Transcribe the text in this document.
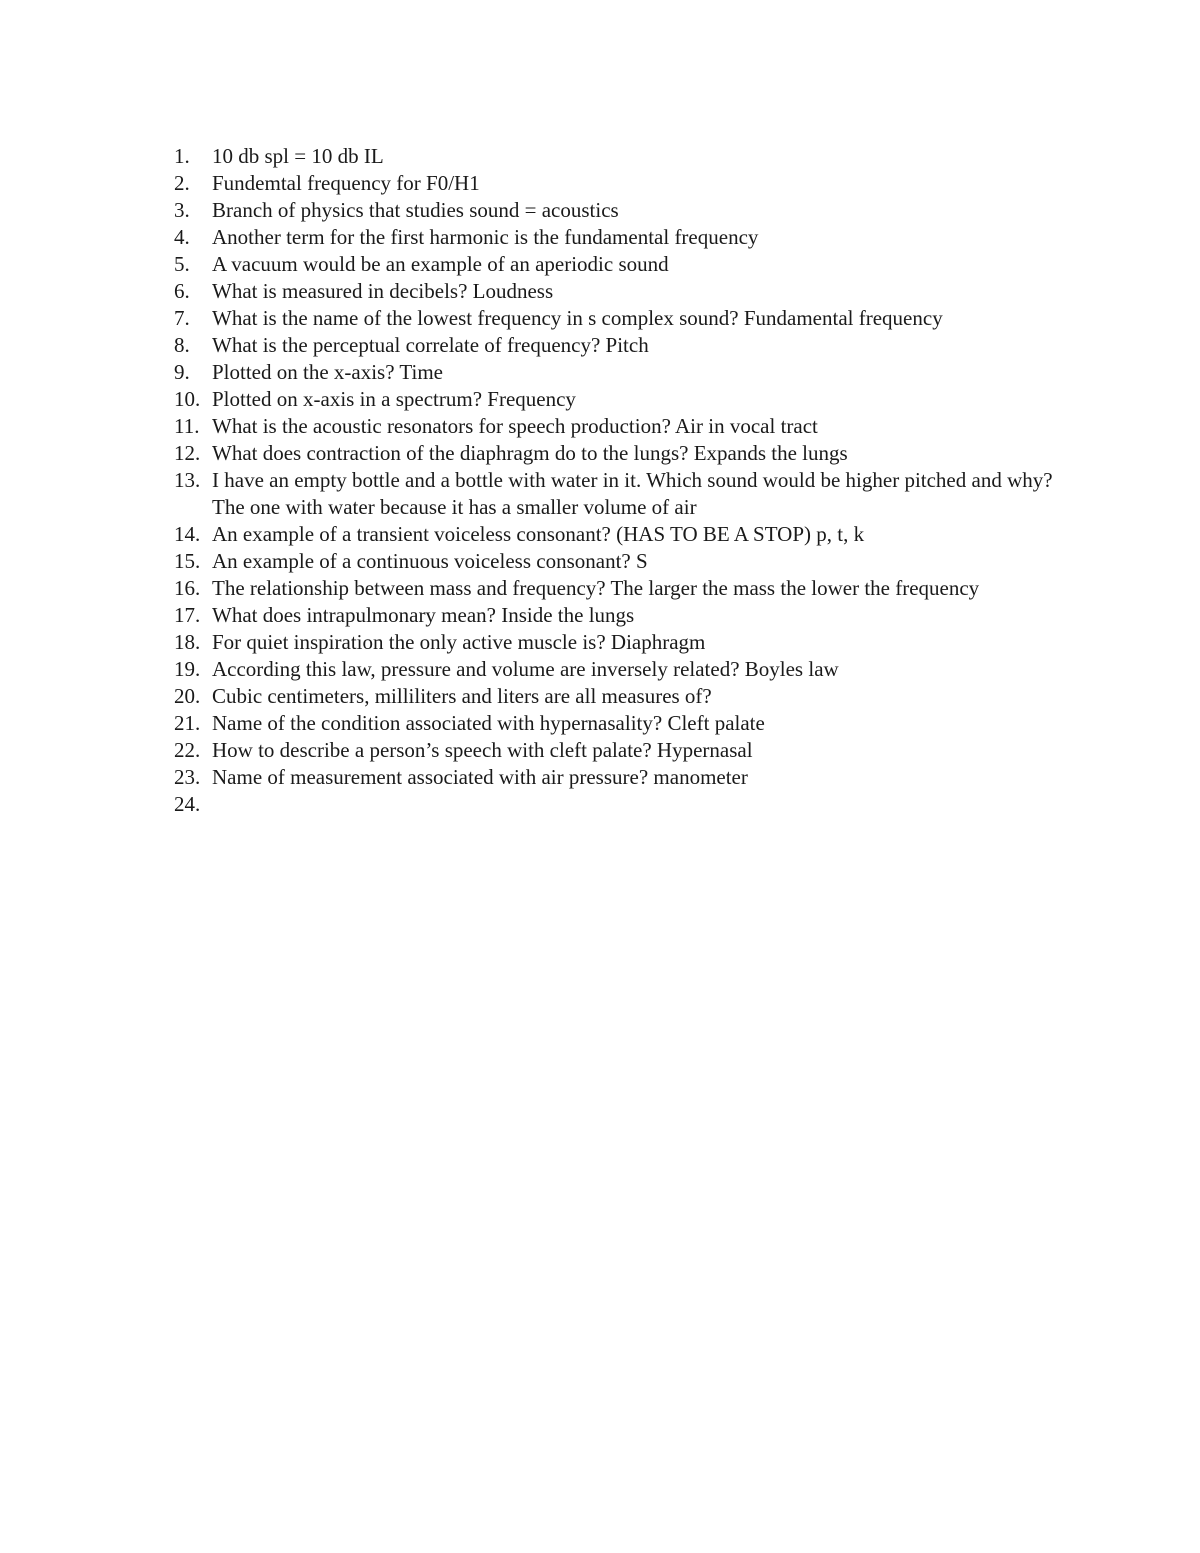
1.	10 db spl = 10 db IL
2.	Fundemtal frequency for F0/H1
3.	Branch of physics that studies sound = acoustics
4.	Another term for the first harmonic is the fundamental frequency
5.	A vacuum would be an example of an aperiodic sound
6.	What is measured in decibels? Loudness
7.	What is the name of the lowest frequency in s complex sound? Fundamental frequency
8.	What is the perceptual correlate of frequency? Pitch
9.	Plotted on the x-axis? Time
10. Plotted on x-axis in a spectrum? Frequency
11. What is the acoustic resonators for speech production? Air in vocal tract
12. What does contraction of the diaphragm do to the lungs? Expands the lungs
13. I have an empty bottle and a bottle with water in it. Which sound would be higher pitched and why? The one with water because it has a smaller volume of air
14. An example of a transient voiceless consonant? (HAS TO BE A STOP) p, t, k
15. An example of a continuous voiceless consonant? S
16. The relationship between mass and frequency? The larger the mass the lower the frequency
17. What does intrapulmonary mean? Inside the lungs
18. For quiet inspiration the only active muscle is? Diaphragm
19. According this law, pressure and volume are inversely related? Boyles law
20. Cubic centimeters, milliliters and liters are all measures of?
21. Name of the condition associated with hypernasality? Cleft palate
22. How to describe a person’s speech with cleft palate? Hypernasal
23. Name of measurement associated with air pressure? manometer
24.
